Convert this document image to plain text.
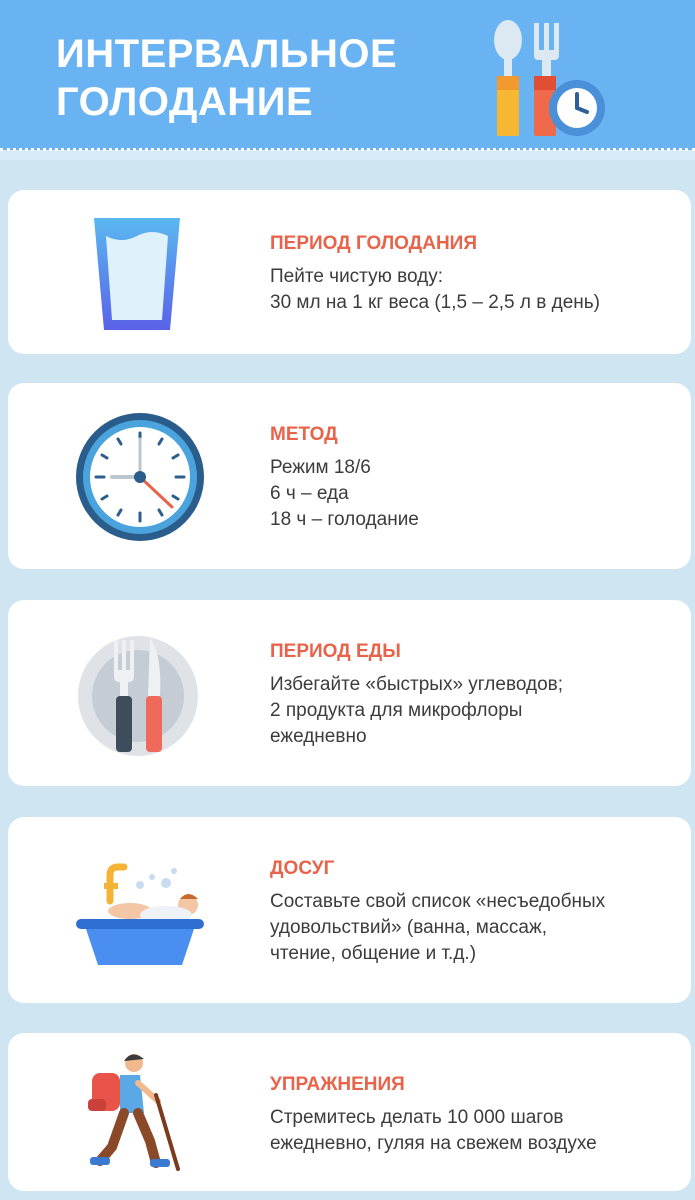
ИНТЕРВАЛЬНОЕ
ГОЛОДАНИЕ
ПЕРИОД ГОЛОДАНИЯ
Пейте чистую воду:
30 мл на 1 кг веса (1,5 – 2,5 л в день)
МЕТОД
Режим 18/6
6 ч – еда
18 ч – голодание
ПЕРИОД ЕДЫ
Избегайте «быстрых» углеводов;
2 продукта для микрофлоры
ежедневно
ДОСУГ
Составьте свой список «несъедобных
удовольствий» (ванна, массаж,
чтение, общение и т.д.)
УПРАЖНЕНИЯ
Стремитесь делать 10 000 шагов
ежедневно, гуляя на свежем воздухе
